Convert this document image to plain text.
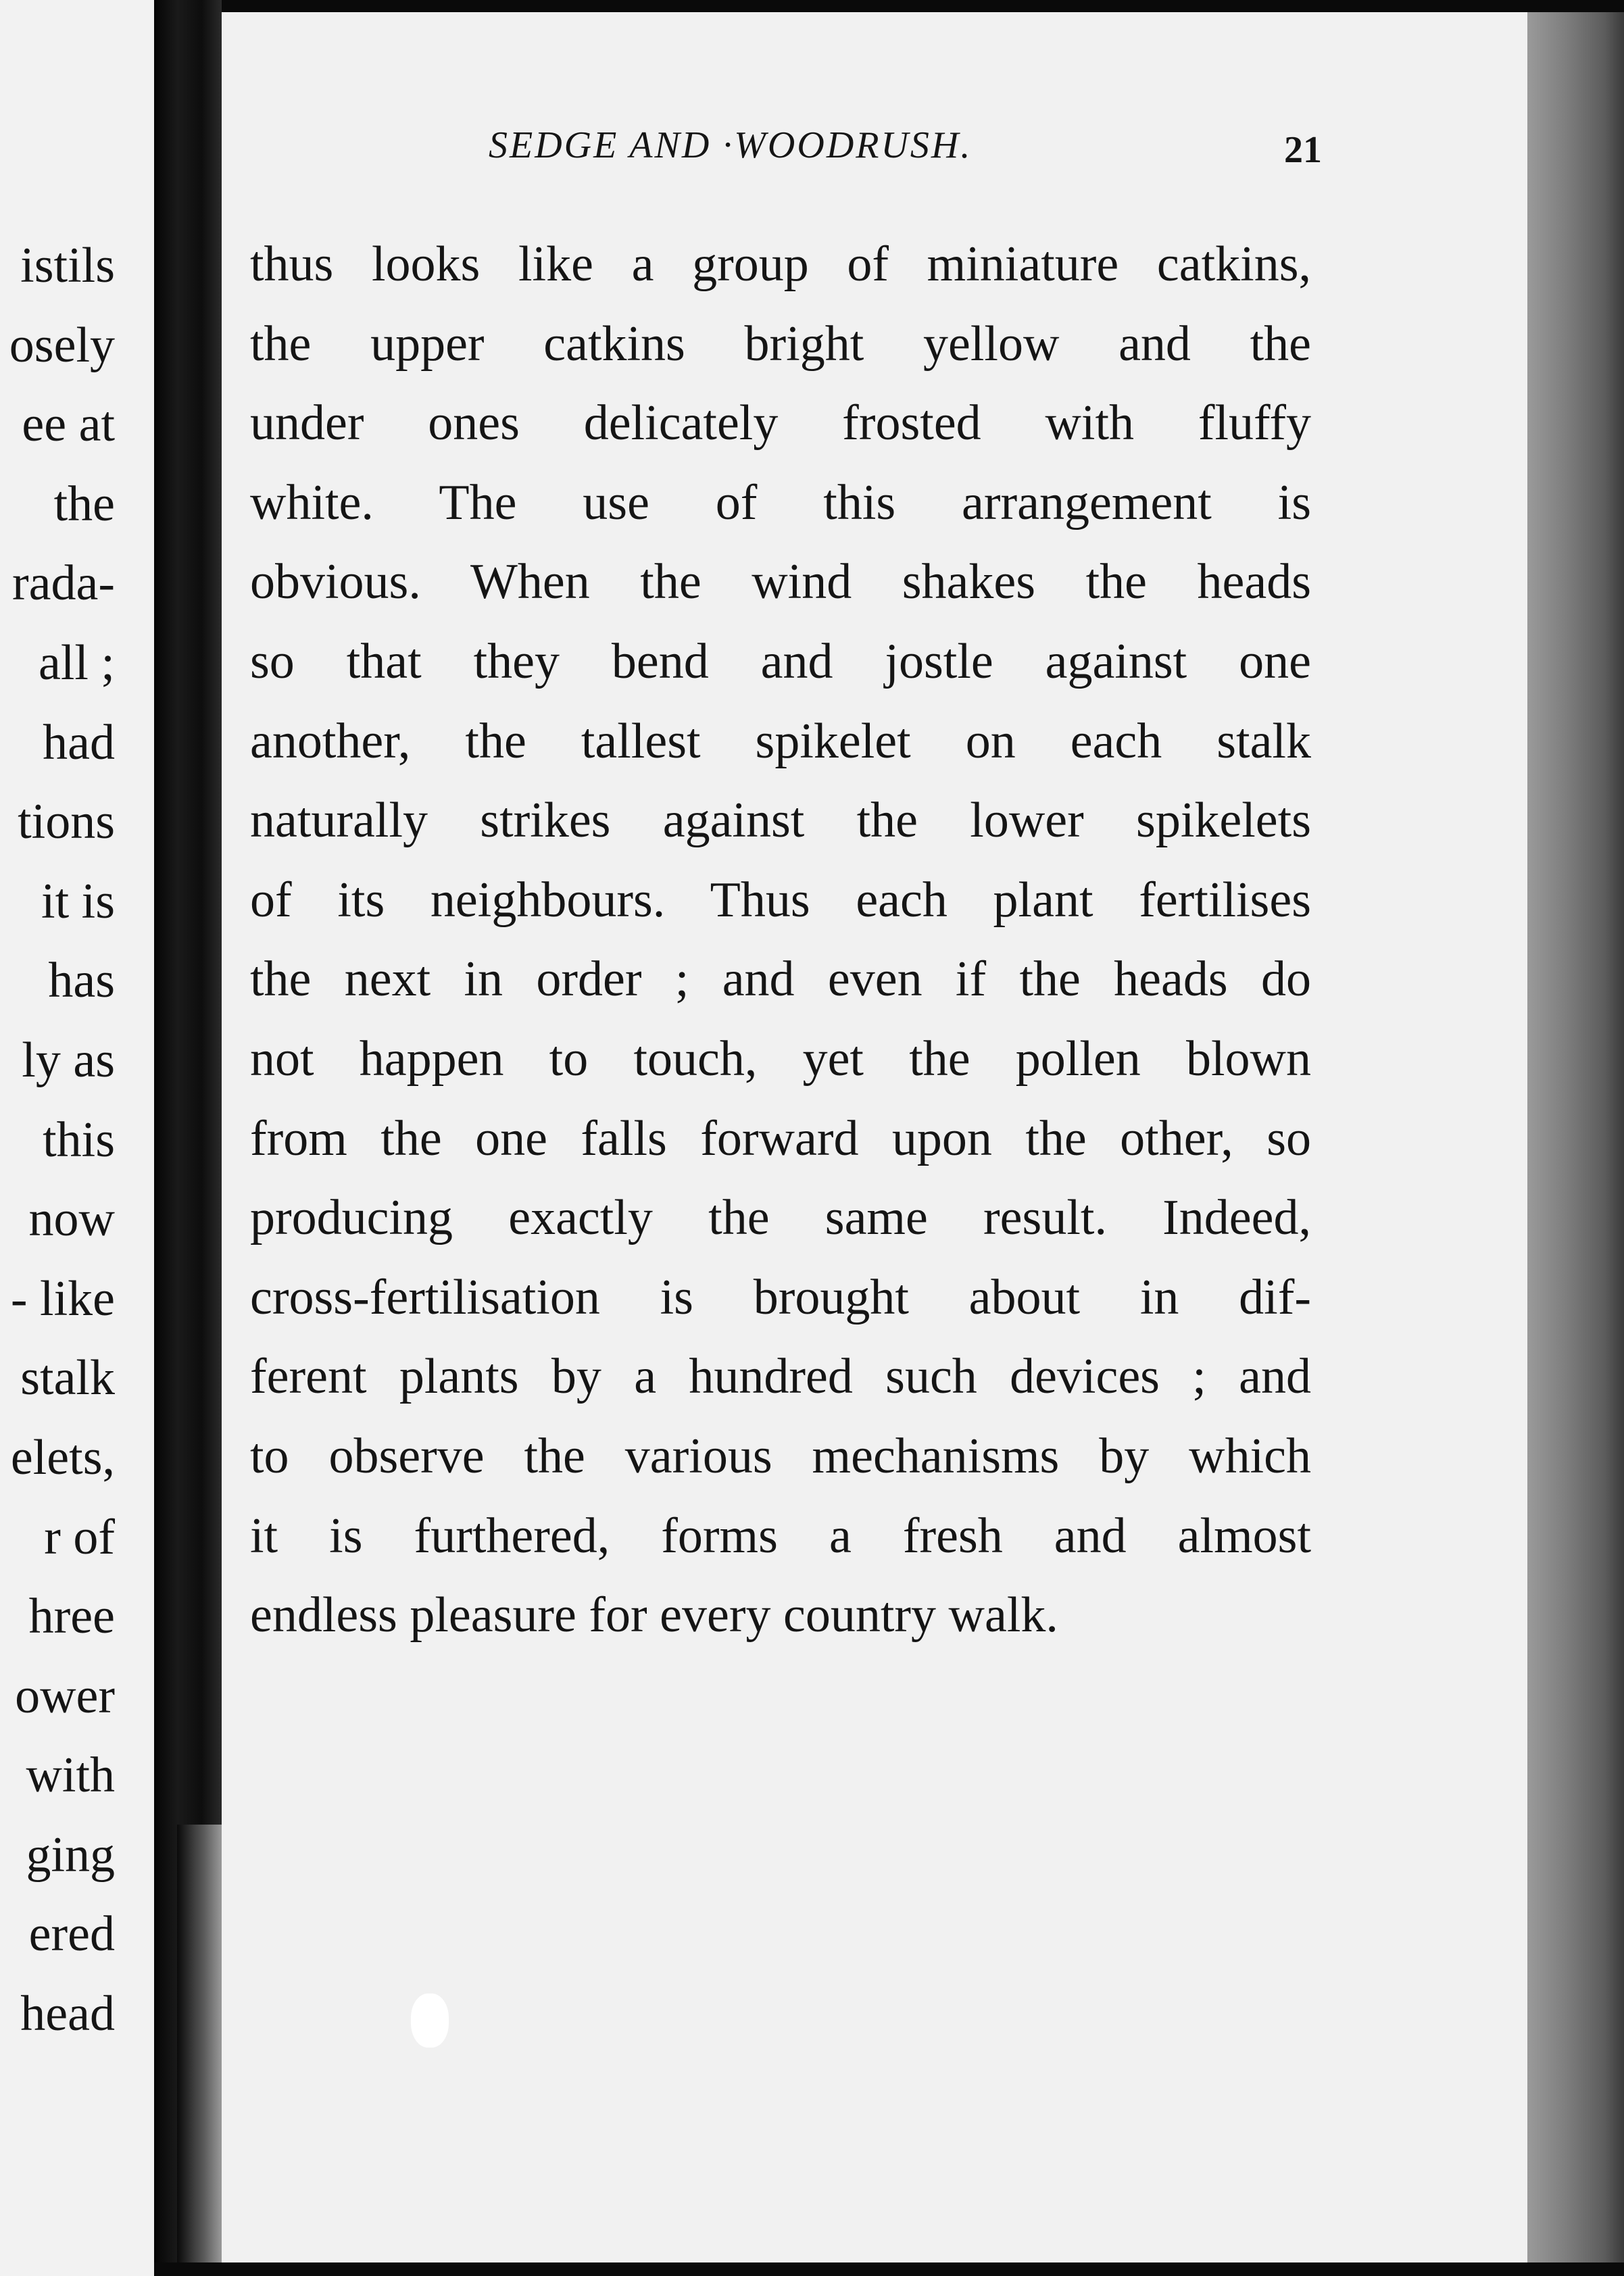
istils
osely
ee at
the
rada-
all ;
had
tions
it is
has
ly as
this
now
- like
stalk
elets,
r of
hree
ower
with
ging
ered
head
SEDGE AND ·WOODRUSH.	21
thus looks like a group of miniature catkins,
the upper catkins bright yellow and the
under ones delicately frosted with fluffy
white. The use of this arrangement is
obvious. When the wind shakes the heads
so that they bend and jostle against one
another, the tallest spikelet on each stalk
naturally strikes against the lower spikelets
of its neighbours. Thus each plant fertilises
the next in order ; and even if the heads do
not happen to touch, yet the pollen blown
from the one falls forward upon the other, so
producing exactly the same result. Indeed,
cross-fertilisation is brought about in dif-
ferent plants by a hundred such devices ; and
to observe the various mechanisms by which
it is furthered, forms a fresh and almost
endless pleasure for every country walk.
